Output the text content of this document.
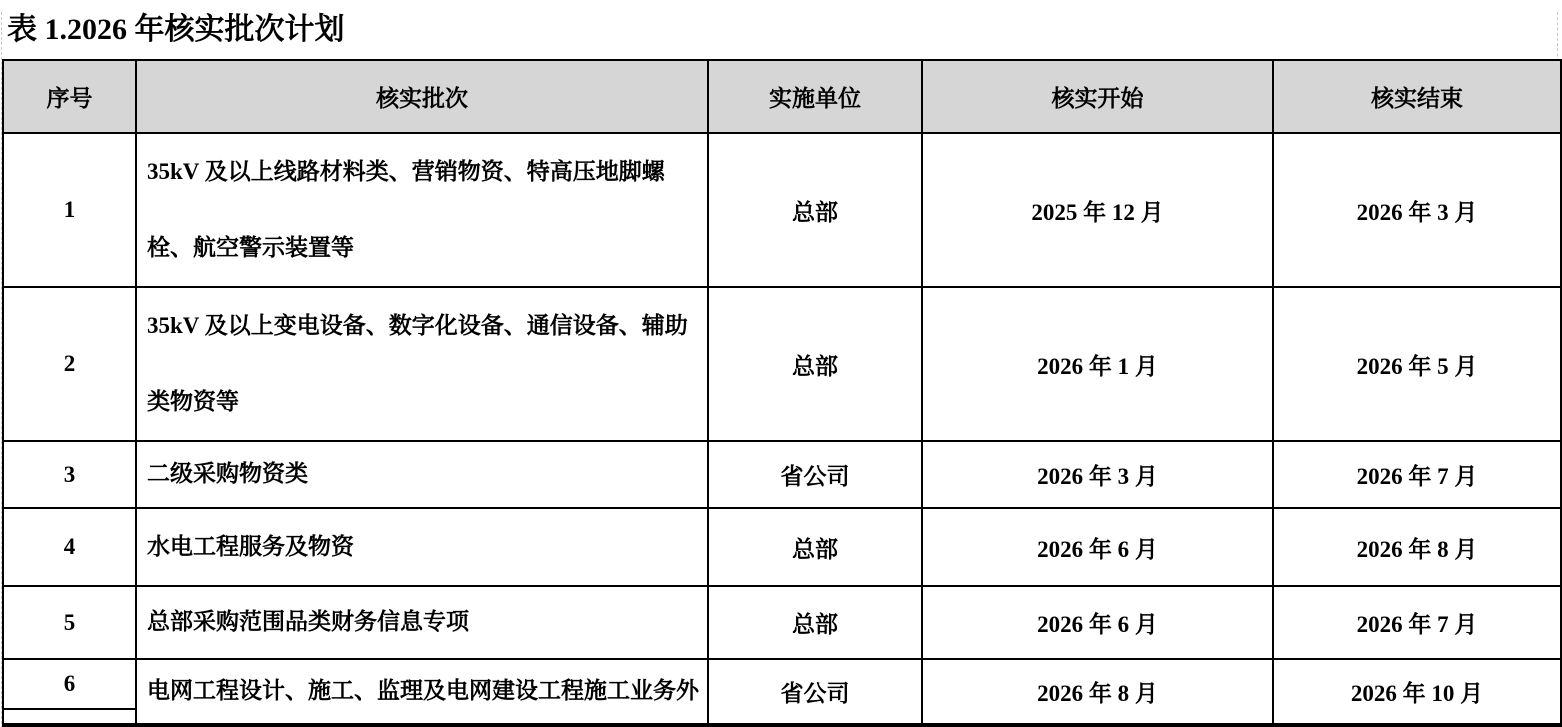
表 1.2026 年核实批次计划
序号	核实批次	实施单位	核实开始	核实结束
1	35kV 及以上线路材料类、营销物资、特高压地脚螺栓、航空警示装置等	总部	2025 年 12 月	2026 年 3 月
2	35kV 及以上变电设备、数字化设备、通信设备、辅助类物资等	总部	2026 年 1 月	2026 年 5 月
3	二级采购物资类	省公司	2026 年 3 月	2026 年 7 月
4	水电工程服务及物资	总部	2026 年 6 月	2026 年 8 月
5	总部采购范围品类财务信息专项	总部	2026 年 6 月	2026 年 7 月
6	电网工程设计、施工、监理及电网建设工程施工业务外	省公司	2026 年 8 月	2026 年 10 月
